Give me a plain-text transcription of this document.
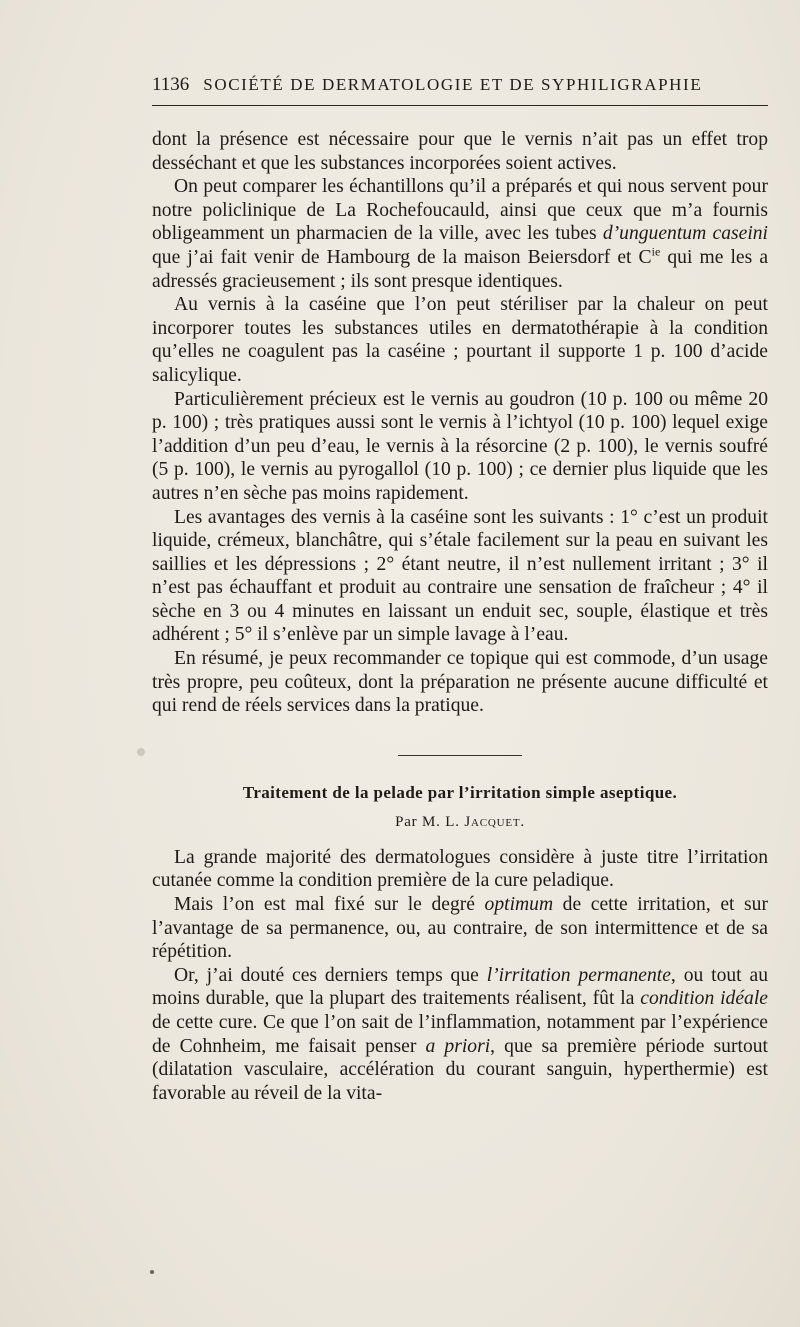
1136 SOCIÉTÉ DE DERMATOLOGIE ET DE SYPHILIGRAPHIE

dont la présence est nécessaire pour que le vernis n’ait pas un effet trop desséchant et que les substances incorporées soient actives.

On peut comparer les échantillons qu’il a préparés et qui nous servent pour notre policlinique de La Rochefoucauld, ainsi que ceux que m’a fournis obligeamment un pharmacien de la ville, avec les tubes d’unguentum caseini que j’ai fait venir de Hambourg de la maison Beiersdorf et $C^{ie}$ qui me les a adressés gracieusement ; ils sont presque identiques.

Au vernis à la caséine que l’on peut stériliser par la chaleur on peut incorporer toutes les substances utiles en dermatothérapie à la condition qu’elles ne coagulent pas la caséine ; pourtant il supporte 1 p. 100 d’acide salicylique.

Particulièrement précieux est le vernis au goudron (10 p. 100 ou même 20 p. 100) ; très pratiques aussi sont le vernis à l’ichtyol (10 p. 100) lequel exige l’addition d’un peu d’eau, le vernis à la résorcine (2 p. 100), le vernis soufré (5 p. 100), le vernis au pyrogallol (10 p. 100) ; ce dernier plus liquide que les autres n’en sèche pas moins rapidement.

Les avantages des vernis à la caséine sont les suivants : 1° c’est un produit liquide, crémeux, blanchâtre, qui s’étale facilement sur la peau en suivant les saillies et les dépressions ; 2° étant neutre, il n’est nullement irritant ; 3° il n’est pas échauffant et produit au contraire une sensation de fraîcheur ; 4° il sèche en 3 ou 4 minutes en laissant un enduit sec, souple, élastique et très adhérent ; 5° il s’enlève par un simple lavage à l’eau.

En résumé, je peux recommander ce topique qui est commode, d’un usage très propre, peu coûteux, dont la préparation ne présente aucune difficulté et qui rend de réels services dans la pratique.

Traitement de la pelade par l’irritation simple aseptique.

Par M. L. Jacquet.

La grande majorité des dermatologues considère à juste titre l’irritation cutanée comme la condition première de la cure peladique.

Mais l’on est mal fixé sur le degré optimum de cette irritation, et sur l’avantage de sa permanence, ou, au contraire, de son intermittence et de sa répétition.

Or, j’ai douté ces derniers temps que l’irritation permanente, ou tout au moins durable, que la plupart des traitements réalisent, fût la condition idéale de cette cure. Ce que l’on sait de l’inflammation, notamment par l’expérience de Cohnheim, me faisait penser a priori, que sa première période surtout (dilatation vasculaire, accélération du courant sanguin, hyperthermie) est favorable au réveil de la vita-
